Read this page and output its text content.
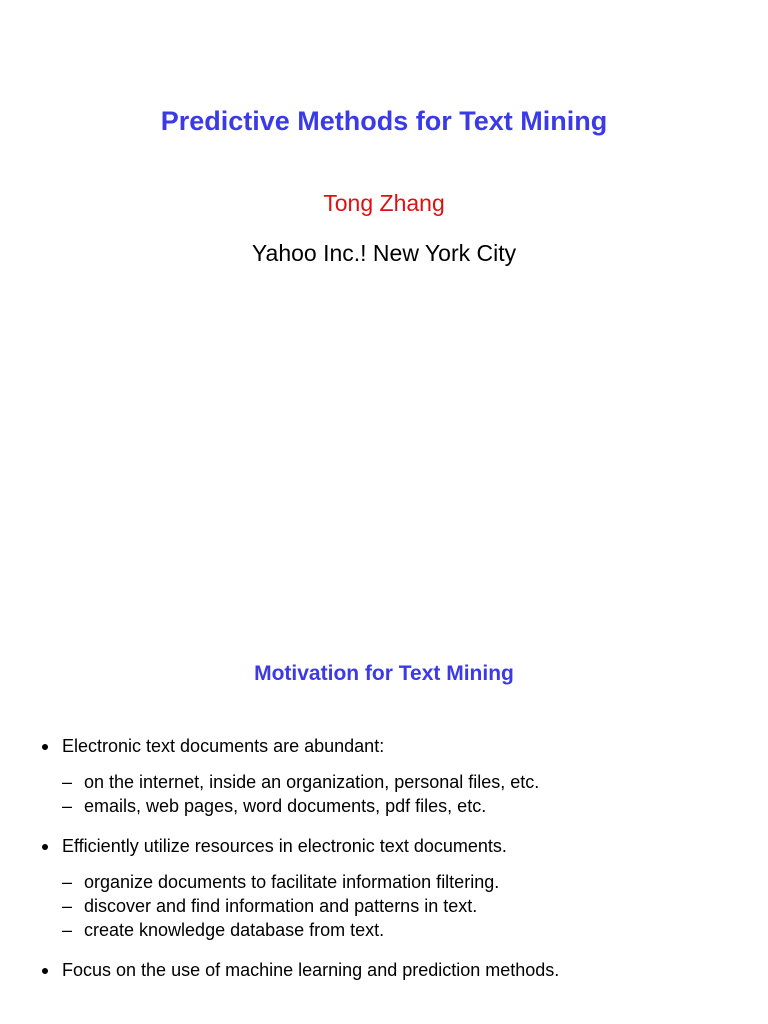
Predictive Methods for Text Mining
Tong Zhang
Yahoo Inc.! New York City
Motivation for Text Mining
Electronic text documents are abundant:
– on the internet, inside an organization, personal files, etc.
– emails, web pages, word documents, pdf files, etc.
Efficiently utilize resources in electronic text documents.
– organize documents to facilitate information filtering.
– discover and find information and patterns in text.
– create knowledge database from text.
Focus on the use of machine learning and prediction methods.
